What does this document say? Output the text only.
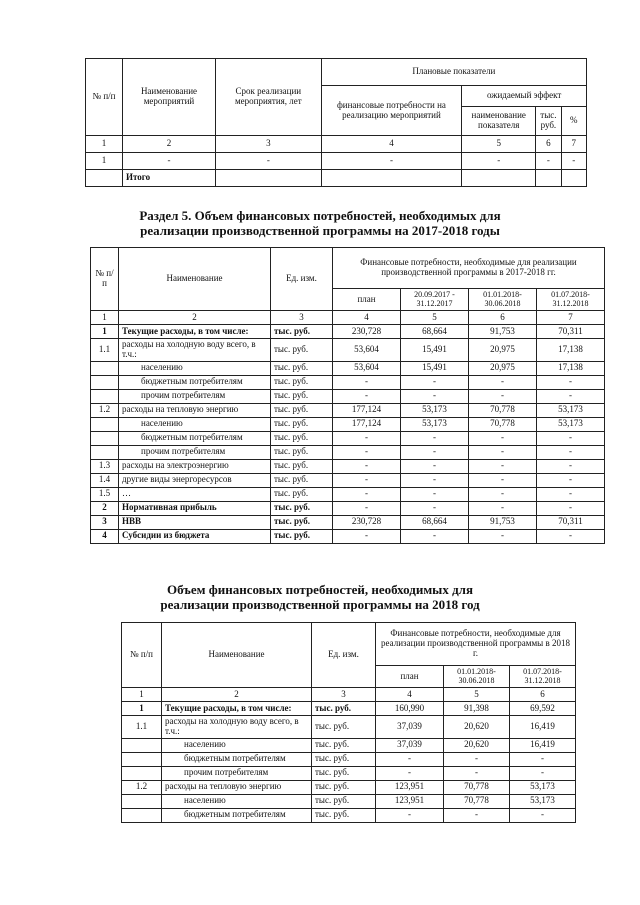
№ п/п	Наименование мероприятий	Срок реализации мероприятия, лет	Плановые показатели			
			финансовые потребности на реализацию мероприятий	ожидаемый эффект		
				наименование показателя	тыс. руб.	%
1	2	3	4	5	6	7
1	-	-	-	-	-	-
	Итого					
Раздел 5. Объем финансовых потребностей, необходимых для реализации производственной программы на 2017-2018 годы
№ п/п	Наименование	Ед. изм.	Финансовые потребности, необходимые для реализации производственной программы в 2017-2018 гг.			
			план	20.09.2017 - 31.12.2017	01.01.2018-30.06.2018	01.07.2018-31.12.2018
1	2	3	4	5	6	7
1	Текущие расходы, в том числе:	тыс. руб.	230,728	68,664	91,753	70,311
1.1	расходы на холодную воду всего, в т.ч.:	тыс. руб.	53,604	15,491	20,975	17,138
	населению	тыс. руб.	53,604	15,491	20,975	17,138
	бюджетным потребителям	тыс. руб.	-	-	-	-
	прочим потребителям	тыс. руб.	-	-	-	-
1.2	расходы на тепловую энергию	тыс. руб.	177,124	53,173	70,778	53,173
	населению	тыс. руб.	177,124	53,173	70,778	53,173
	бюджетным потребителям	тыс. руб.	-	-	-	-
	прочим потребителям	тыс. руб.	-	-	-	-
1.3	расходы на электроэнергию	тыс. руб.	-	-	-	-
1.4	другие виды энергоресурсов	тыс. руб.	-	-	-	-
1.5	…	тыс. руб.	-	-	-	-
2	Нормативная прибыль	тыс. руб.	-	-	-	-
3	НВВ	тыс. руб.	230,728	68,664	91,753	70,311
4	Субсидии из бюджета	тыс. руб.	-	-	-	-
Объем финансовых потребностей, необходимых для реализации производственной программы на 2018 год
№ п/п	Наименование	Ед. изм.	Финансовые потребности, необходимые для реализации производственной программы в 2018 г.		
			план	01.01.2018-30.06.2018	01.07.2018-31.12.2018
1	2	3	4	5	6
1	Текущие расходы, в том числе:	тыс. руб.	160,990	91,398	69,592
1.1	расходы на холодную воду всего, в т.ч.:	тыс. руб.	37,039	20,620	16,419
	населению	тыс. руб.	37,039	20,620	16,419
	бюджетным потребителям	тыс. руб.	-	-	-
	прочим потребителям	тыс. руб.	-	-	-
1.2	расходы на тепловую энергию	тыс. руб.	123,951	70,778	53,173
	населению	тыс. руб.	123,951	70,778	53,173
	бюджетным потребителям	тыс. руб.	-	-	-
